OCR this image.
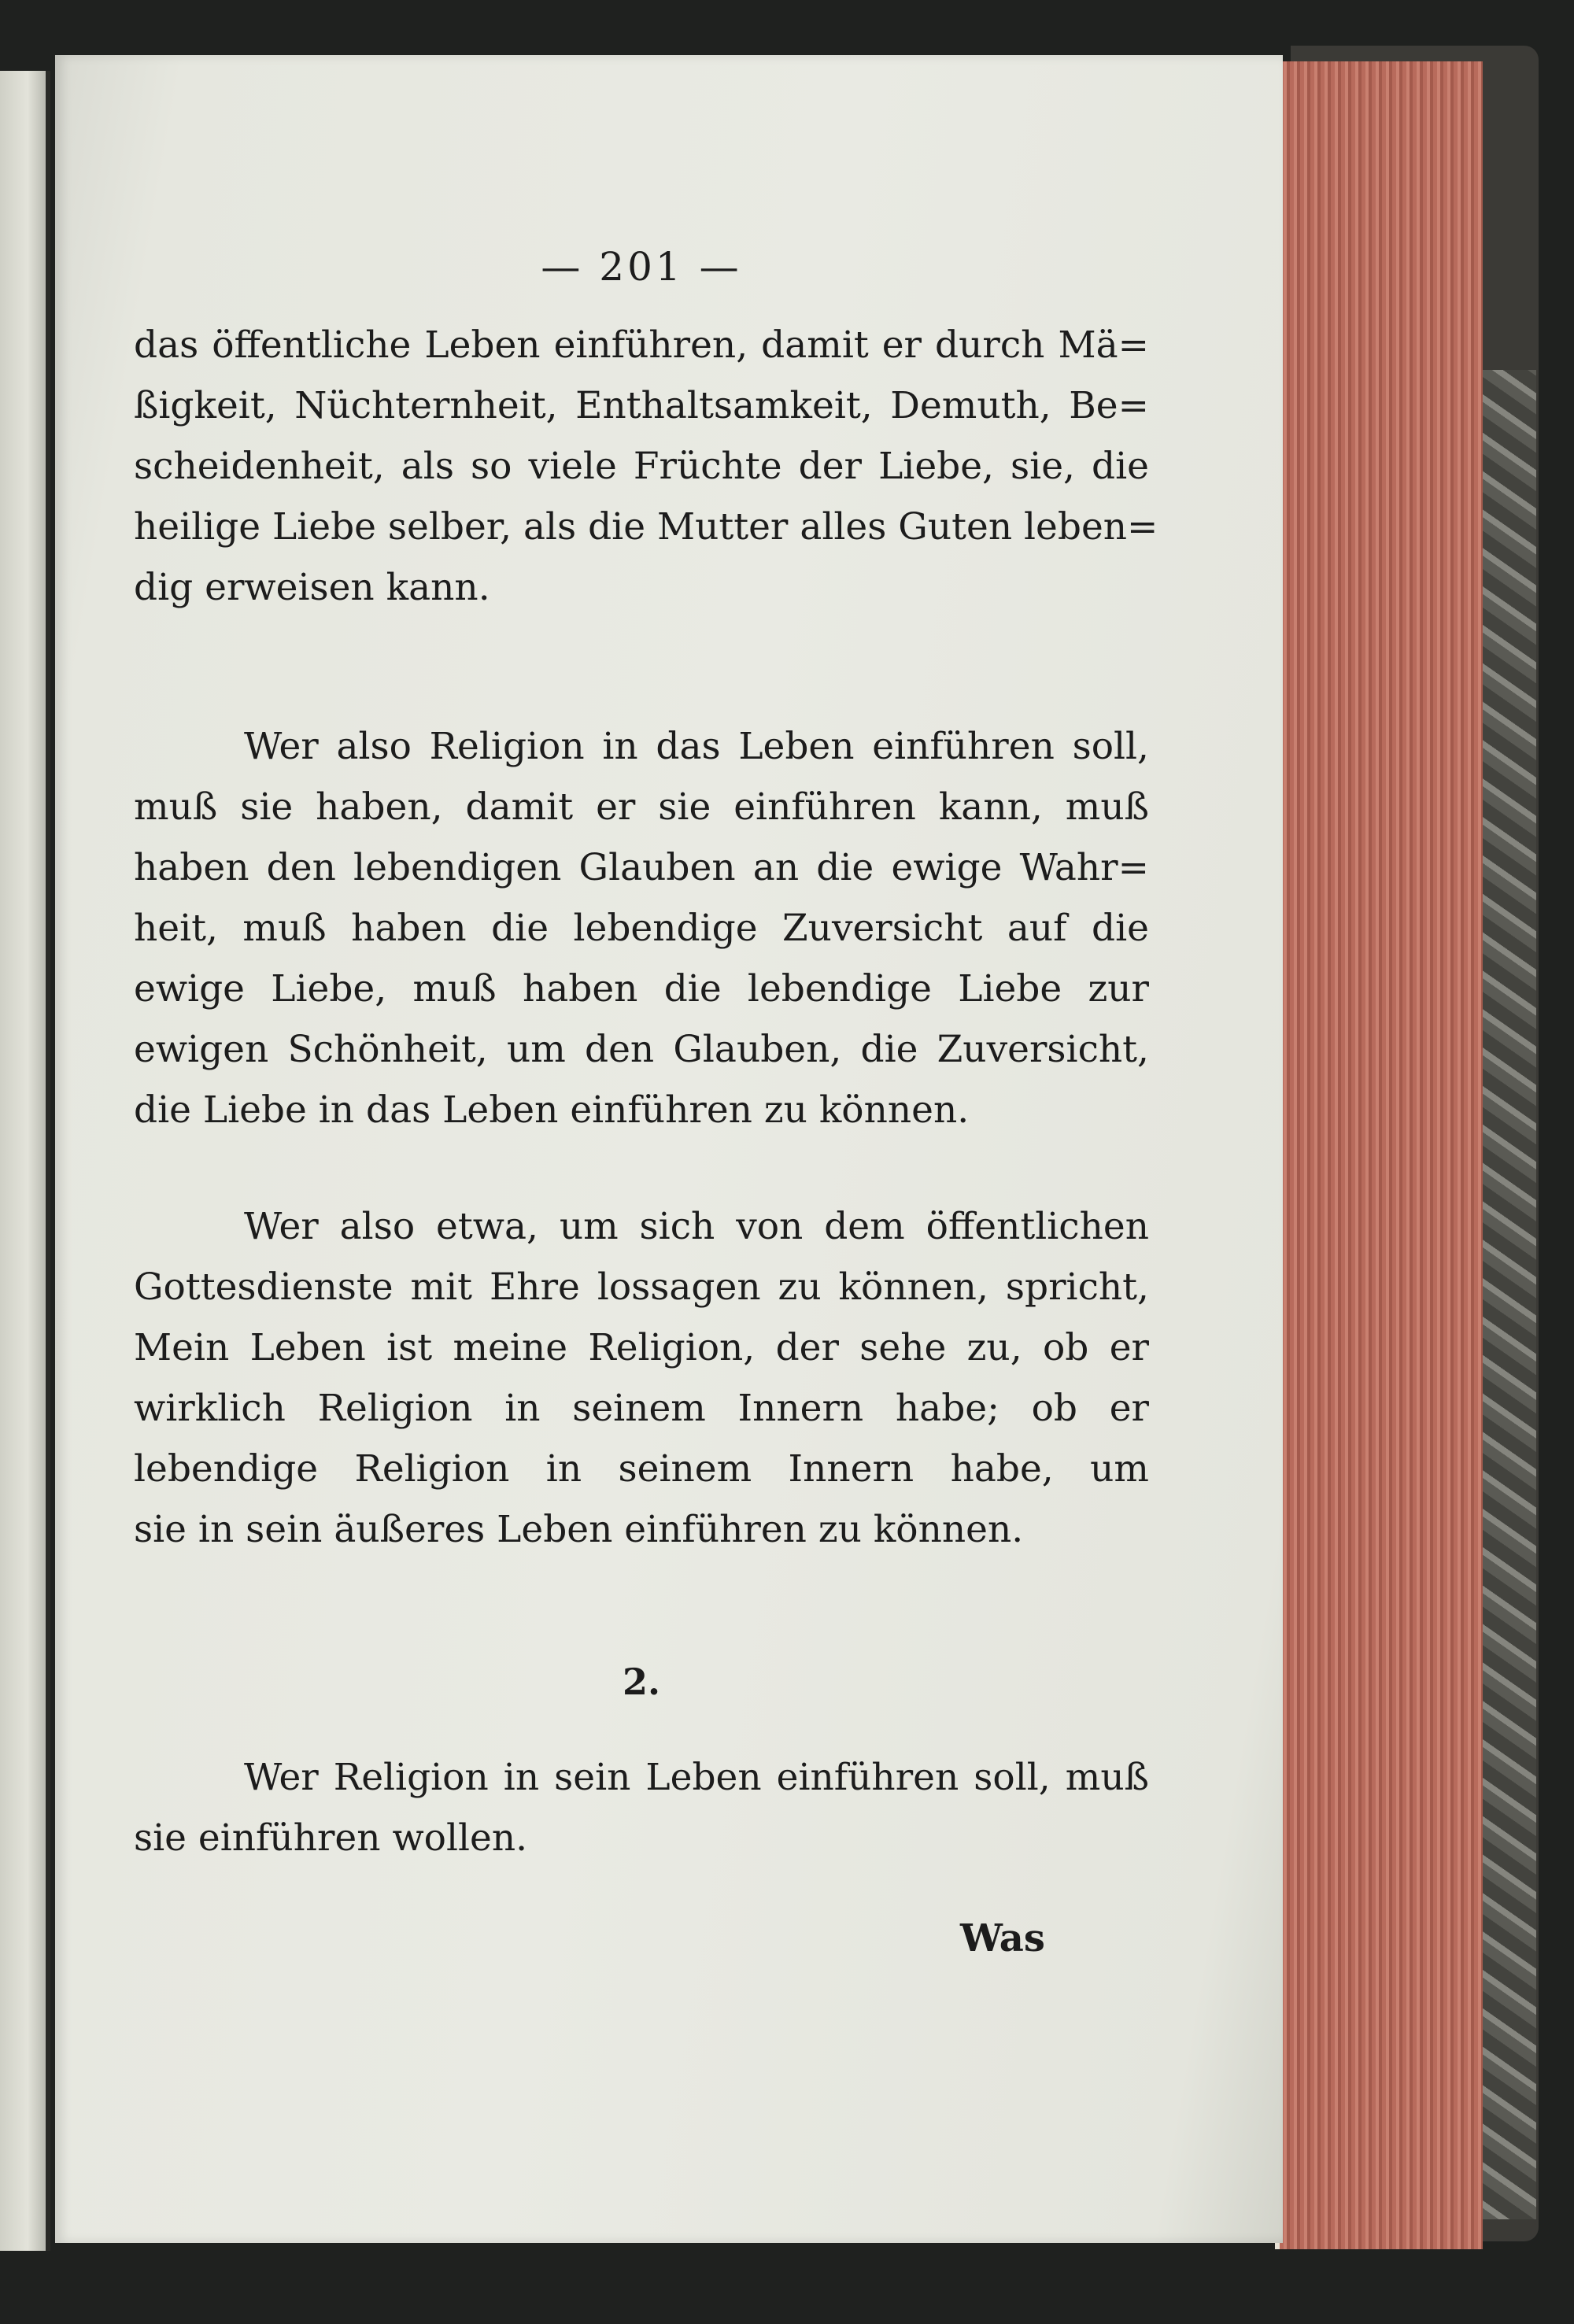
— 201 —
das öffentliche Leben einführen, damit er durch Mä=
ßigkeit, Nüchternheit, Enthaltsamkeit, Demuth, Be=
scheidenheit, als so viele Früchte der Liebe, sie, die
heilige Liebe selber, als die Mutter alles Guten leben=
dig erweisen kann.
Wer also Religion in das Leben einführen soll,
muß sie haben, damit er sie einführen kann, muß
haben den lebendigen Glauben an die ewige Wahr=
heit, muß haben die lebendige Zuversicht auf die
ewige Liebe, muß haben die lebendige Liebe zur
ewigen Schönheit, um den Glauben, die Zuversicht,
die Liebe in das Leben einführen zu können.
Wer also etwa, um sich von dem öffentlichen
Gottesdienste mit Ehre lossagen zu können, spricht,
Mein Leben ist meine Religion, der sehe zu, ob er
wirklich Religion in seinem Innern habe; ob er
lebendige Religion in seinem Innern habe, um
sie in sein äußeres Leben einführen zu können.
2.
Wer Religion in sein Leben einführen soll, muß
sie einführen wollen.
Was
